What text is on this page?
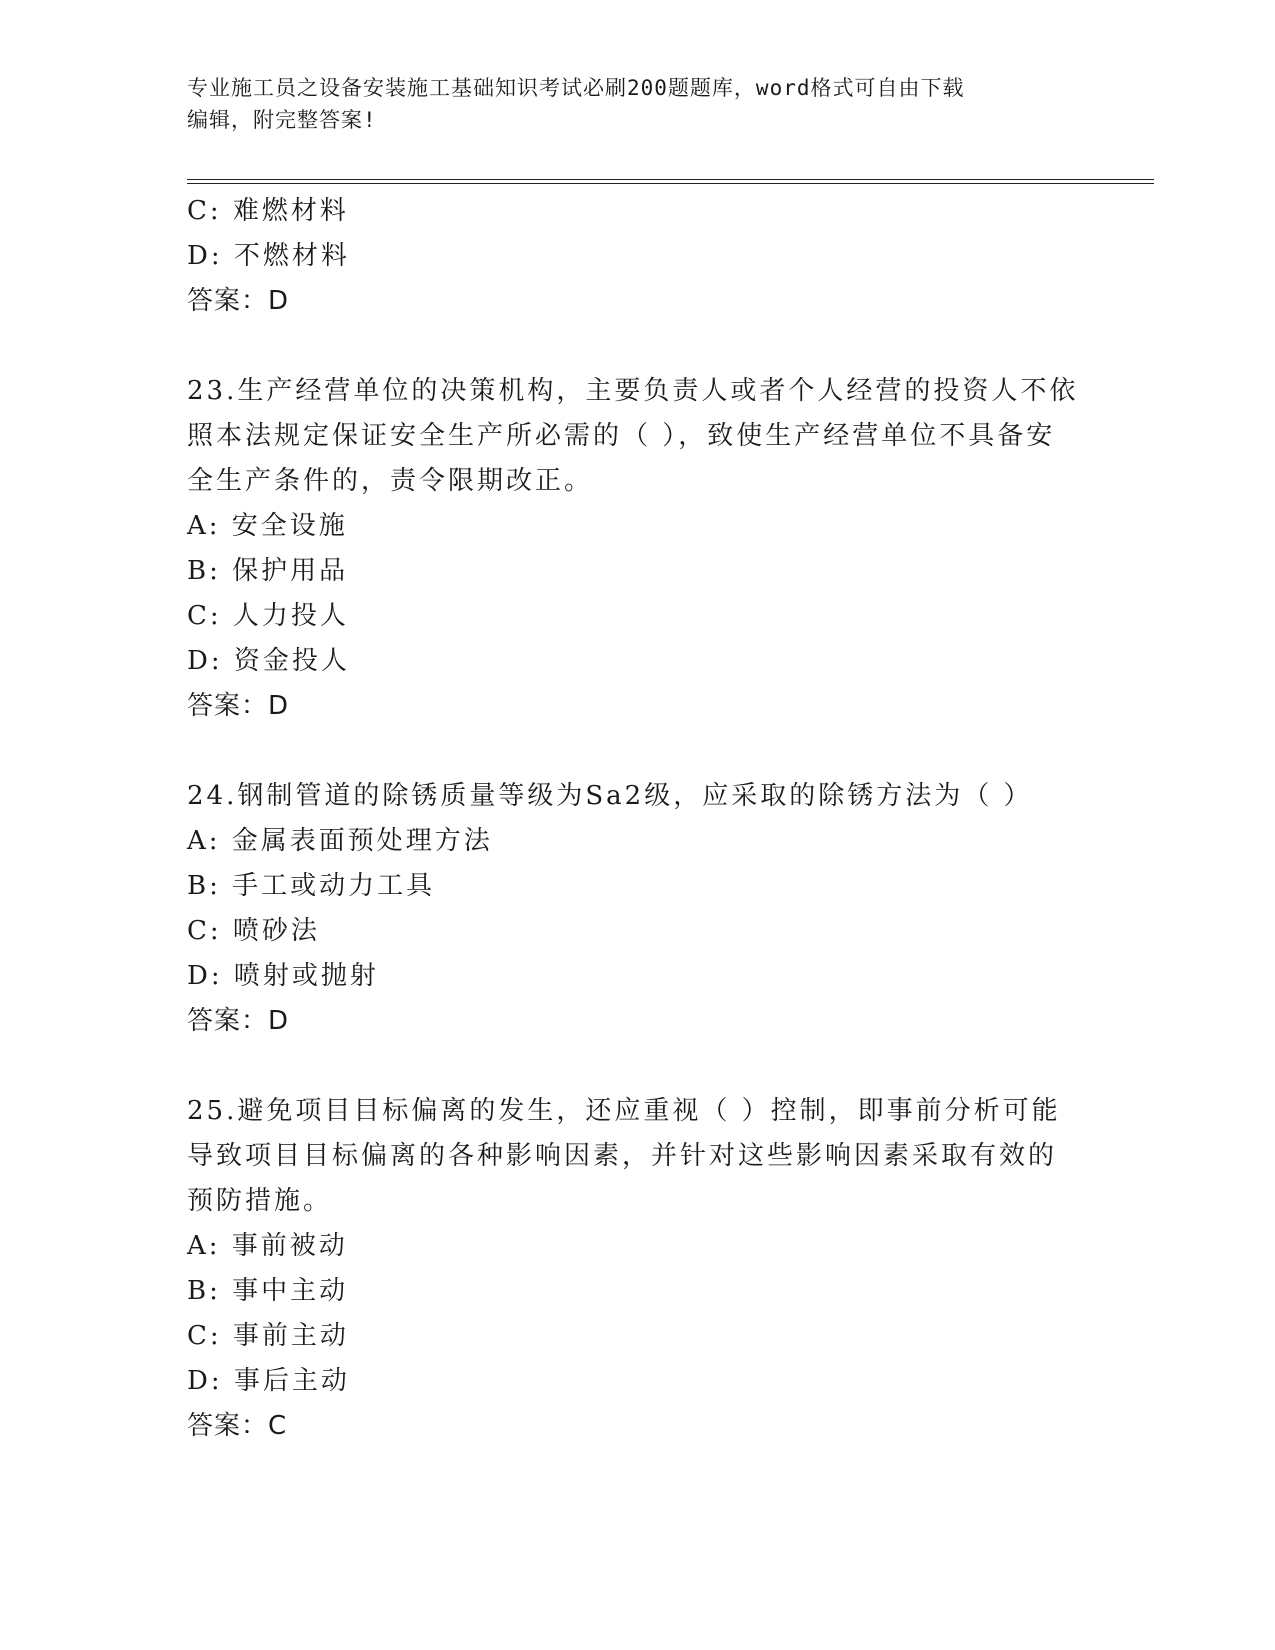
专业施工员之设备安装施工基础知识考试必刷200题题库，word格式可自由下载
编辑，附完整答案!
C: 难燃材料
D: 不燃材料
答案：D
23.生产经营单位的决策机构，主要负责人或者个人经营的投资人不依
照本法规定保证安全生产所必需的（ ），致使生产经营单位不具备安
全生产条件的，责令限期改正。
A: 安全设施
B: 保护用品
C: 人力投人
D: 资金投人
答案：D
24.钢制管道的除锈质量等级为Sa2级，应采取的除锈方法为（ ）
A: 金属表面预处理方法
B: 手工或动力工具
C: 喷砂法
D: 喷射或抛射
答案：D
25.避免项目目标偏离的发生，还应重视（ ）控制，即事前分析可能
导致项目目标偏离的各种影响因素，并针对这些影响因素采取有效的
预防措施。
A: 事前被动
B: 事中主动
C: 事前主动
D: 事后主动
答案：C
